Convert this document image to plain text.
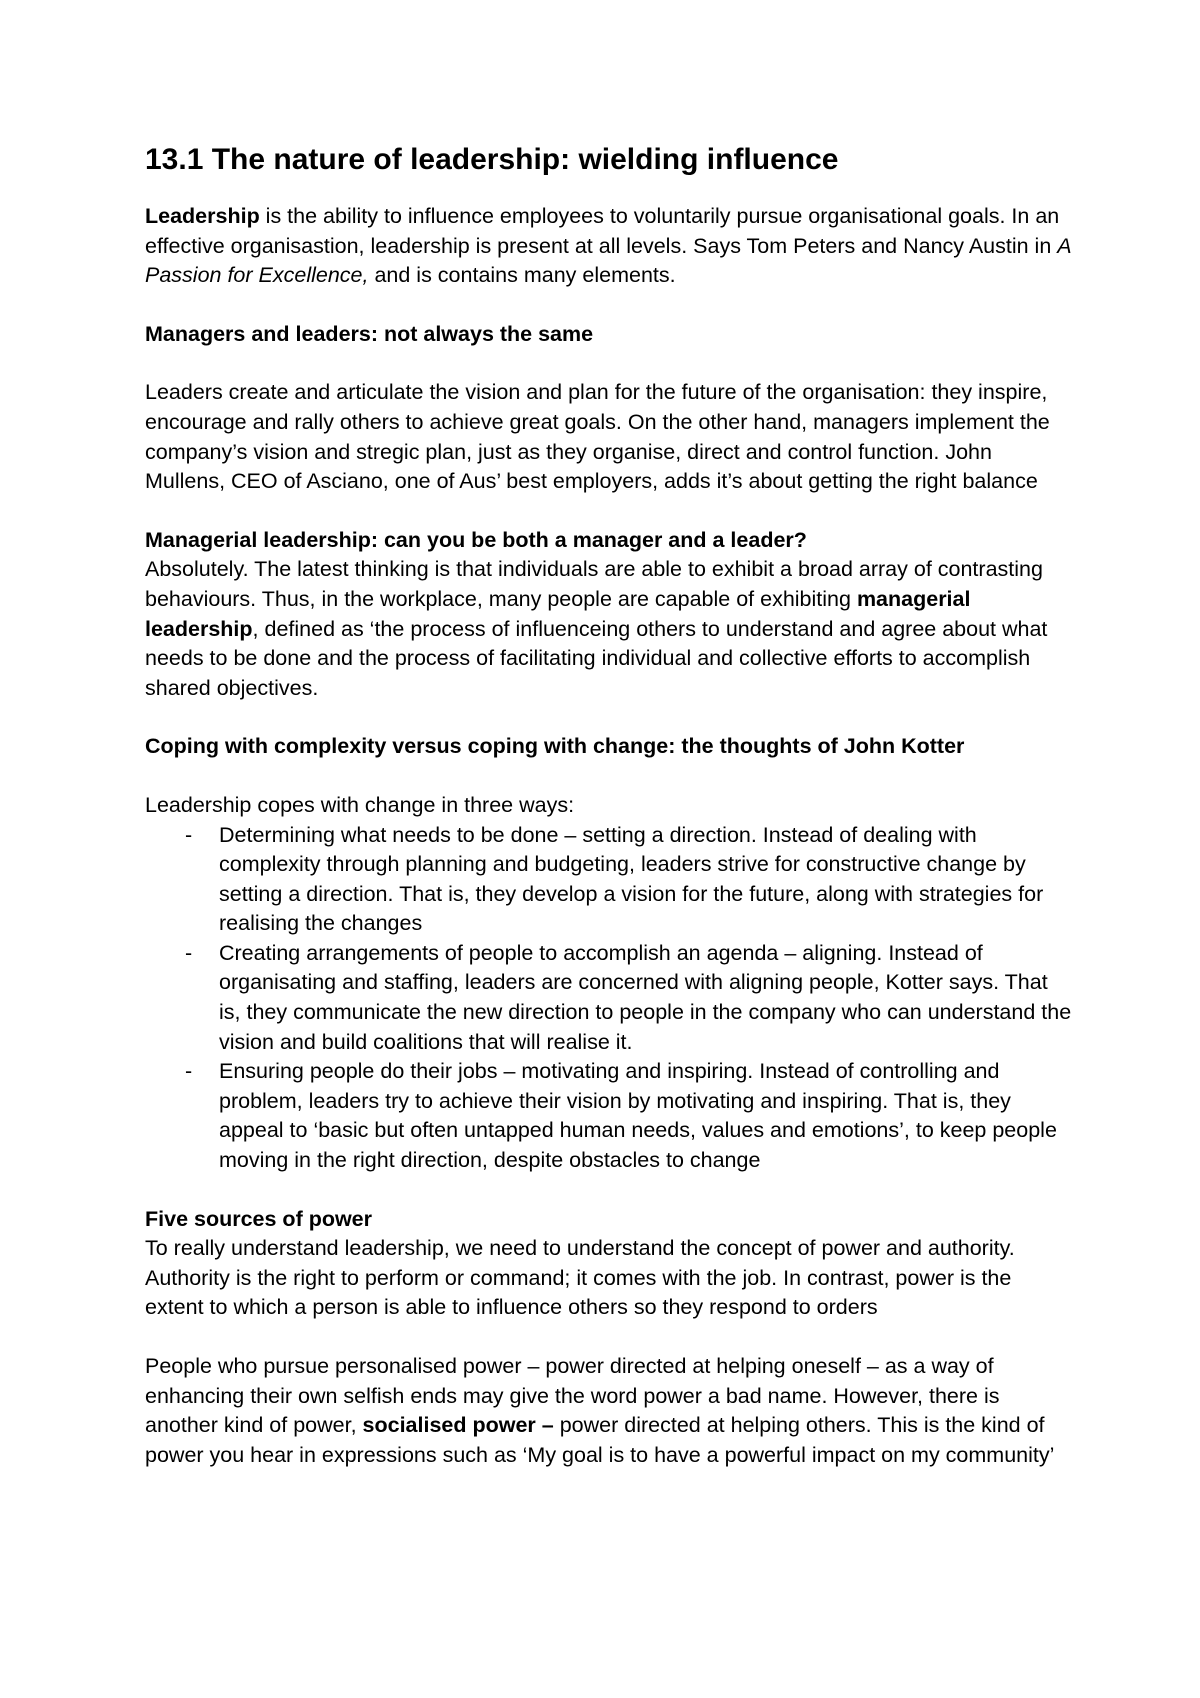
13.1 The nature of leadership: wielding influence

Leadership is the ability to influence employees to voluntarily pursue organisational goals. In an effective organisastion, leadership is present at all levels. Says Tom Peters and Nancy Austin in A Passion for Excellence, and is contains many elements.

Managers and leaders: not always the same

Leaders create and articulate the vision and plan for the future of the organisation: they inspire, encourage and rally others to achieve great goals. On the other hand, managers implement the company’s vision and stregic plan, just as they organise, direct and control function. John Mullens, CEO of Asciano, one of Aus’ best employers, adds it’s about getting the right balance

Managerial leadership: can you be both a manager and a leader?

Absolutely. The latest thinking is that individuals are able to exhibit a broad array of contrasting behaviours. Thus, in the workplace, many people are capable of exhibiting managerial leadership, defined as ‘the process of influenceing others to understand and agree about what needs to be done and the process of facilitating individual and collective efforts to accomplish shared objectives.

Coping with complexity versus coping with change: the thoughts of John Kotter

Leadership copes with change in three ways:

- Determining what needs to be done – setting a direction. Instead of dealing with complexity through planning and budgeting, leaders strive for constructive change by setting a direction. That is, they develop a vision for the future, along with strategies for realising the changes
- Creating arrangements of people to accomplish an agenda – aligning. Instead of organisating and staffing, leaders are concerned with aligning people, Kotter says. That is, they communicate the new direction to people in the company who can understand the vision and build coalitions that will realise it.
- Ensuring people do their jobs – motivating and inspiring. Instead of controlling and problem, leaders try to achieve their vision by motivating and inspiring. That is, they appeal to ‘basic but often untapped human needs, values and emotions’, to keep people moving in the right direction, despite obstacles to change

Five sources of power

To really understand leadership, we need to understand the concept of power and authority. Authority is the right to perform or command; it comes with the job. In contrast, power is the extent to which a person is able to influence others so they respond to orders

People who pursue personalised power – power directed at helping oneself – as a way of enhancing their own selfish ends may give the word power a bad name. However, there is another kind of power, socialised power – power directed at helping others. This is the kind of power you hear in expressions such as ‘My goal is to have a powerful impact on my community’
